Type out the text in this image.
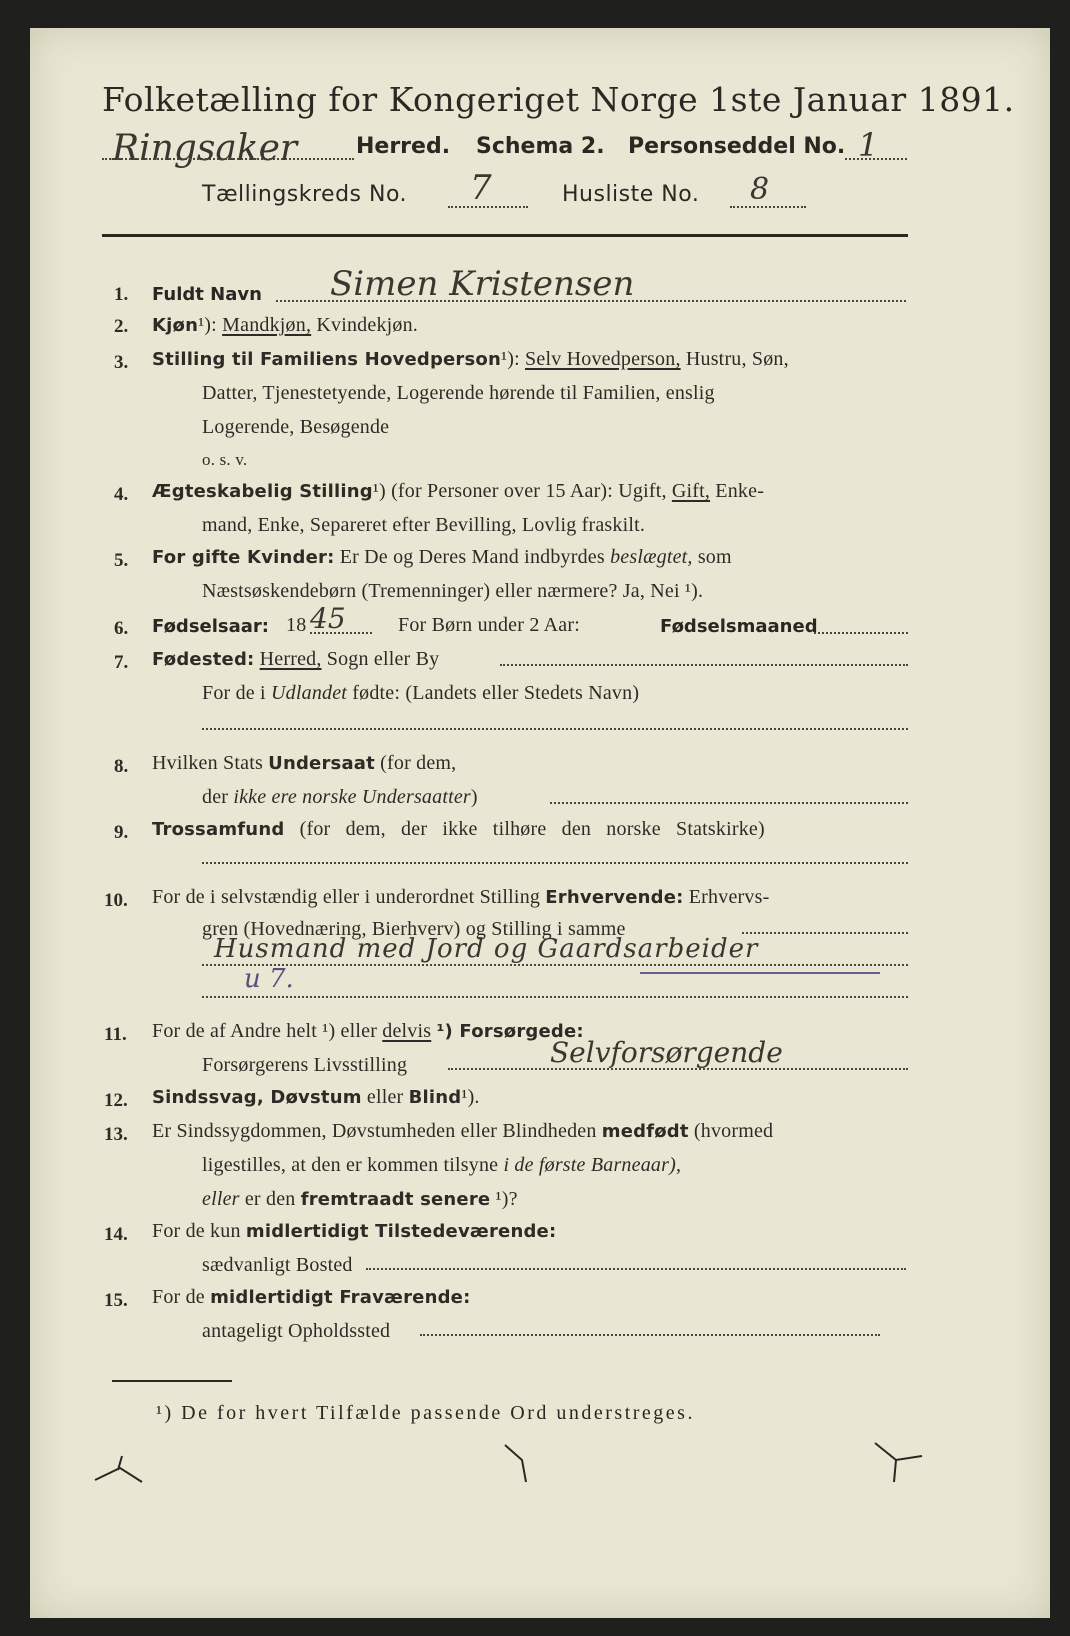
Folketælling for Kongeriget Norge 1ste Januar 1891.
Ringsaker	Herred. Schema 2. Personseddel No. 1
Tællingskreds No. 7	Husliste No. 8
1. Fuldt Navn Simen Kristensen
2. Kjøn¹): Mandkjøn, Kvindekjøn.
3. Stilling til Familiens Hovedperson¹): Selv Hovedperson, Hustru, Søn,
Datter, Tjenestetyende, Logerende hørende til Familien, enslig
Logerende, Besøgende
o. s. v.
4. Ægteskabelig Stilling¹) (for Personer over 15 Aar): Ugift, Gift, Enke-
mand, Enke, Separeret efter Bevilling, Lovlig fraskilt.
5. For gifte Kvinder: Er De og Deres Mand indbyrdes beslægtet, som
Næstsøskendebørn (Tremenninger) eller nærmere? Ja, Nei ¹).
6. Fødselsaar: 18 45	For Børn under 2 Aar:	Fødselsmaaned
7. Fødested: Herred, Sogn eller By
For de i Udlandet fødte: (Landets eller Stedets Navn)
8. Hvilken Stats Undersaat (for dem,
der ikke ere norske Undersaatter)
9. Trossamfund (for dem, der ikke tilhøre den norske Statskirke)
10. For de i selvstændig eller i underordnet Stilling Erhvervende: Erhvervs-
gren (Hovednæring, Bierhverv) og Stilling i samme
Husmand med Jord og Gaardsarbeider
u 7.
11. For de af Andre helt ¹) eller delvis ¹) Forsørgede:
Forsørgerens Livsstilling	Selvforsørgende
12. Sindssvag, Døvstum eller Blind¹).
13. Er Sindssygdommen, Døvstumheden eller Blindheden medfødt (hvormed
ligestilles, at den er kommen tilsyne i de første Barneaar),
eller er den fremtraadt senere ¹)?
14. For de kun midlertidigt Tilstedeværende:
sædvanligt Bosted
15. For de midlertidigt Fraværende:
antageligt Opholdssted
¹) De for hvert Tilfælde passende Ord understreges.
